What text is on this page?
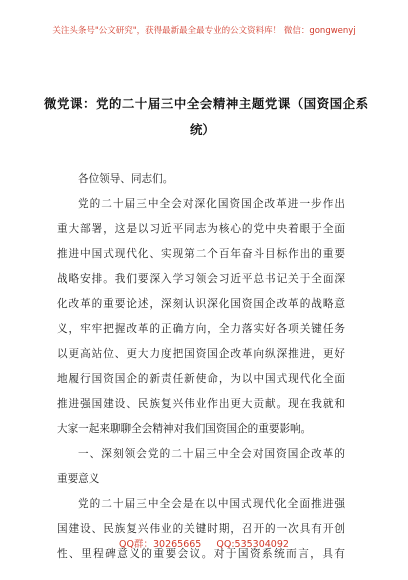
关注头条号"公文研究"，获得最新最全最专业的公文资料库！ 微信：gongwenyj
微党课：党的二十届三中全会精神主题党课（国资国企系
统）
各位领导、同志们。
党的二十届三中全会对深化国资国企改革进一步作出
重大部署，这是以习近平同志为核心的党中央着眼于全面
推进中国式现代化、实现第二个百年奋斗目标作出的重要
战略安排。我们要深入学习领会习近平总书记关于全面深
化改革的重要论述，深刻认识深化国资国企改革的战略意
义，牢牢把握改革的正确方向，全力落实好各项关键任务
以更高站位、更大力度把国资国企改革向纵深推进，更好
地履行国资国企的新责任新使命，为以中国式现代化全面
推进强国建设、民族复兴伟业作出更大贡献。现在我就和
大家一起来聊聊全会精神对我们国资国企的重要影响。
一、深刻领会党的二十届三中全会对国资国企改革的
重要意义
党的二十届三中全会是在以中国式现代化全面推进强
国建设、民族复兴伟业的关键时期，召开的一次具有开创
性、里程碑意义的重要会议。对于国资系统而言，具有
QQ群：30265665 QQ:535304092
